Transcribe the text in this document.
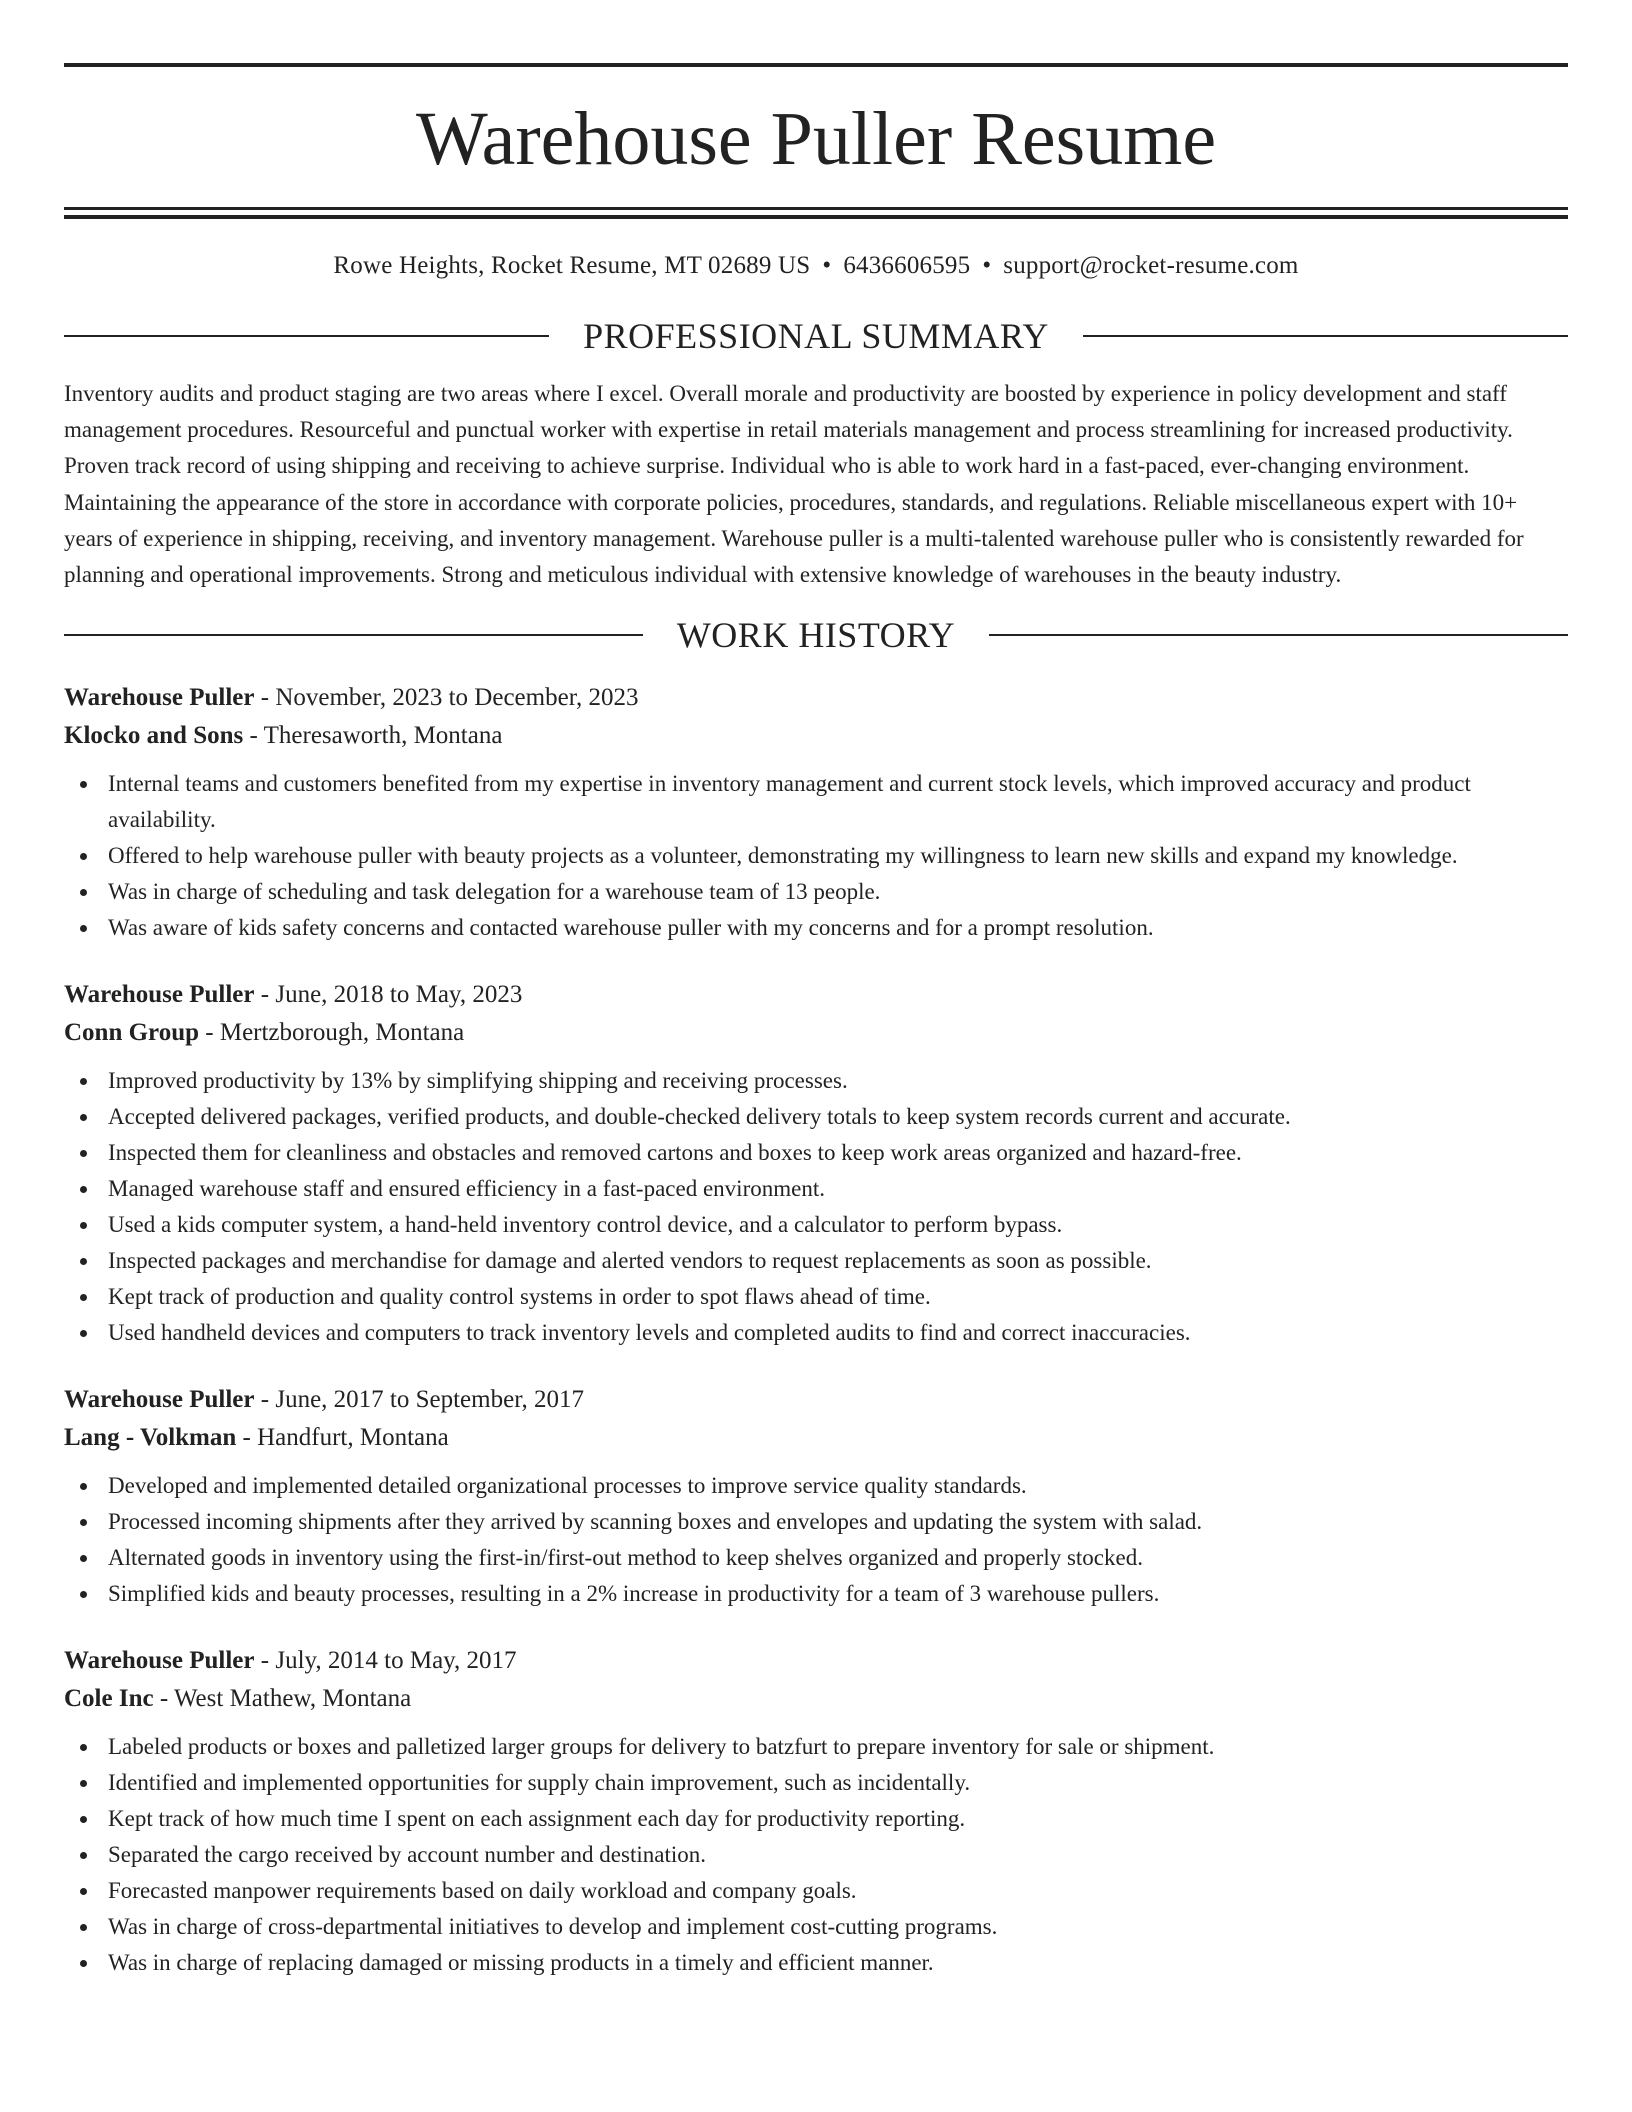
Warehouse Puller Resume
Rowe Heights, Rocket Resume, MT 02689 US • 6436606595 • support@rocket-resume.com
PROFESSIONAL SUMMARY
Inventory audits and product staging are two areas where I excel. Overall morale and productivity are boosted by experience in policy development and staff management procedures. Resourceful and punctual worker with expertise in retail materials management and process streamlining for increased productivity. Proven track record of using shipping and receiving to achieve surprise. Individual who is able to work hard in a fast-paced, ever-changing environment. Maintaining the appearance of the store in accordance with corporate policies, procedures, standards, and regulations. Reliable miscellaneous expert with 10+ years of experience in shipping, receiving, and inventory management. Warehouse puller is a multi-talented warehouse puller who is consistently rewarded for planning and operational improvements. Strong and meticulous individual with extensive knowledge of warehouses in the beauty industry.
WORK HISTORY
Warehouse Puller - November, 2023 to December, 2023
Klocko and Sons - Theresaworth, Montana
Internal teams and customers benefited from my expertise in inventory management and current stock levels, which improved accuracy and product availability.
Offered to help warehouse puller with beauty projects as a volunteer, demonstrating my willingness to learn new skills and expand my knowledge.
Was in charge of scheduling and task delegation for a warehouse team of 13 people.
Was aware of kids safety concerns and contacted warehouse puller with my concerns and for a prompt resolution.
Warehouse Puller - June, 2018 to May, 2023
Conn Group - Mertzborough, Montana
Improved productivity by 13% by simplifying shipping and receiving processes.
Accepted delivered packages, verified products, and double-checked delivery totals to keep system records current and accurate.
Inspected them for cleanliness and obstacles and removed cartons and boxes to keep work areas organized and hazard-free.
Managed warehouse staff and ensured efficiency in a fast-paced environment.
Used a kids computer system, a hand-held inventory control device, and a calculator to perform bypass.
Inspected packages and merchandise for damage and alerted vendors to request replacements as soon as possible.
Kept track of production and quality control systems in order to spot flaws ahead of time.
Used handheld devices and computers to track inventory levels and completed audits to find and correct inaccuracies.
Warehouse Puller - June, 2017 to September, 2017
Lang - Volkman - Handfurt, Montana
Developed and implemented detailed organizational processes to improve service quality standards.
Processed incoming shipments after they arrived by scanning boxes and envelopes and updating the system with salad.
Alternated goods in inventory using the first-in/first-out method to keep shelves organized and properly stocked.
Simplified kids and beauty processes, resulting in a 2% increase in productivity for a team of 3 warehouse pullers.
Warehouse Puller - July, 2014 to May, 2017
Cole Inc - West Mathew, Montana
Labeled products or boxes and palletized larger groups for delivery to batzfurt to prepare inventory for sale or shipment.
Identified and implemented opportunities for supply chain improvement, such as incidentally.
Kept track of how much time I spent on each assignment each day for productivity reporting.
Separated the cargo received by account number and destination.
Forecasted manpower requirements based on daily workload and company goals.
Was in charge of cross-departmental initiatives to develop and implement cost-cutting programs.
Was in charge of replacing damaged or missing products in a timely and efficient manner.
